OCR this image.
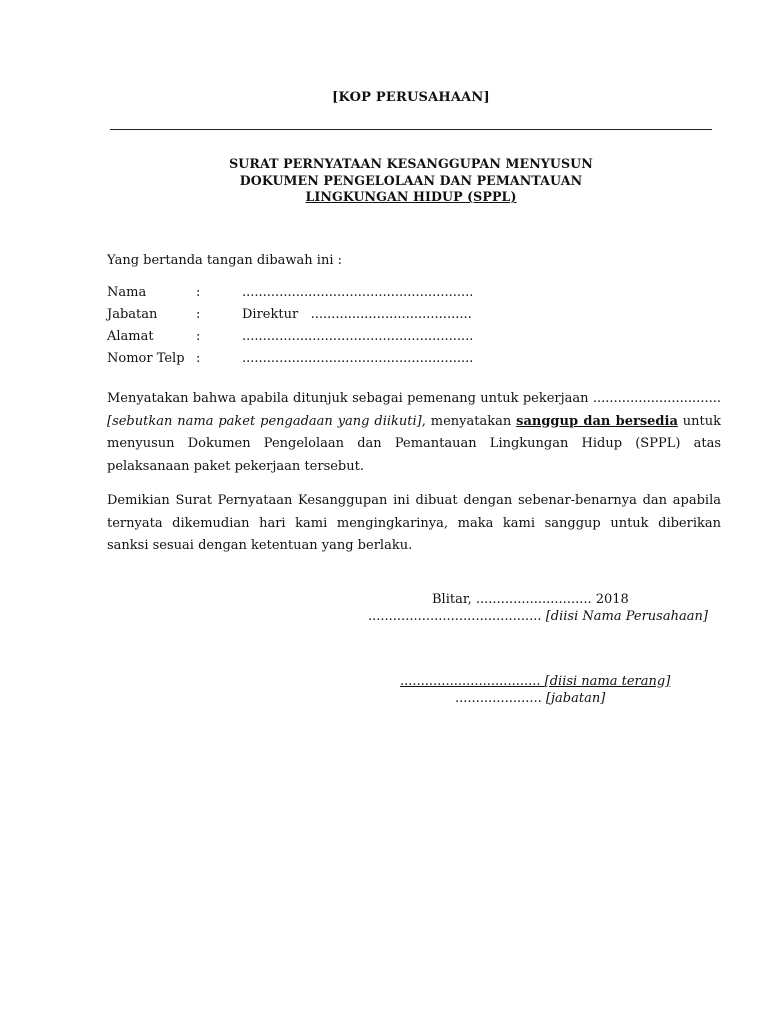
[KOP PERUSAHAAN]
SURAT PERNYATAAN KESANGGUPAN MENYUSUN
DOKUMEN PENGELOLAAN DAN PEMANTAUAN
LINGKUNGAN HIDUP (SPPL)
Yang bertanda tangan dibawah ini :
Nama	:	........................................................
Jabatan	:	Direktur   .......................................
Alamat	:	........................................................
Nomor Telp :	........................................................
Menyatakan bahwa apabila ditunjuk sebagai pemenang untuk pekerjaan ...............................
[sebutkan nama paket pengadaan yang diikuti], menyatakan sanggup dan bersedia untuk
menyusun Dokumen Pengelolaan dan Pemantauan Lingkungan Hidup (SPPL) atas
pelaksanaan paket pekerjaan tersebut.
Demikian Surat Pernyataan Kesanggupan ini dibuat dengan sebenar-benarnya dan apabila
ternyata dikemudian hari kami mengingkarinya, maka kami sanggup untuk diberikan
sanksi sesuai dengan ketentuan yang berlaku.
Blitar, ............................ 2018
.......................................... [diisi Nama Perusahaan]
.................................. [diisi nama terang]
..................... [jabatan]
